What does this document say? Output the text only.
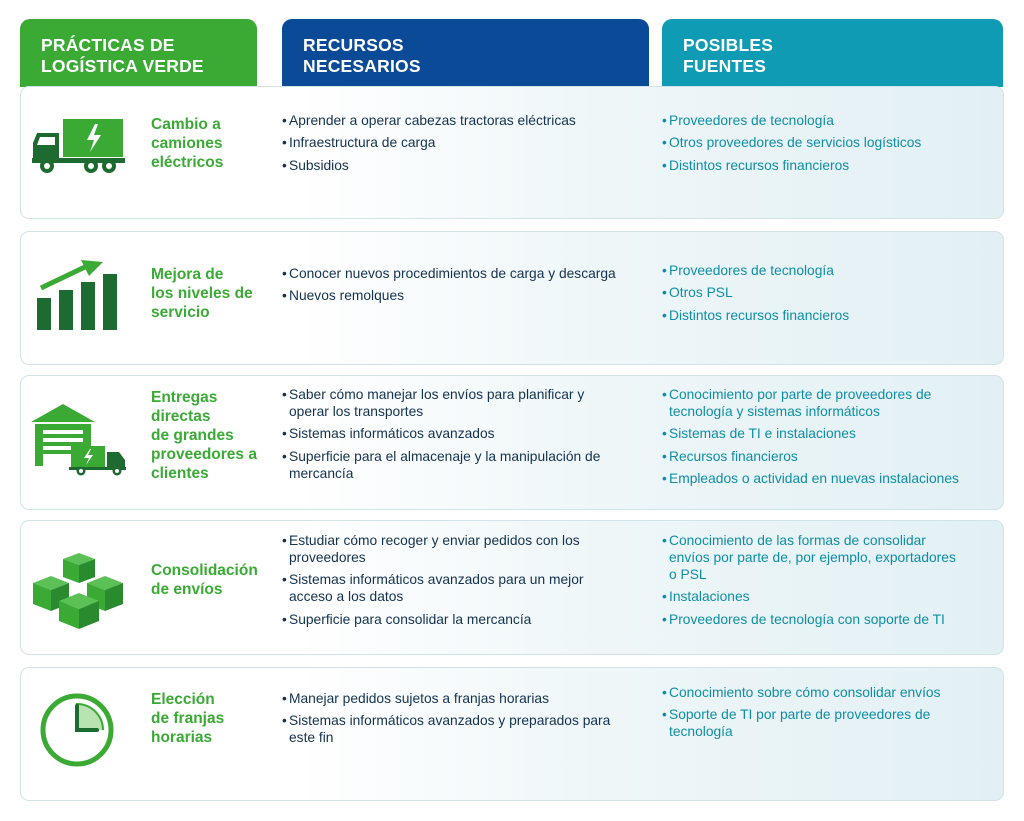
PRÁCTICAS DE
LOGÍSTICA VERDE
RECURSOS
NECESARIOS
POSIBLES
FUENTES
Cambio a
camiones
eléctricos
• Aprender a operar cabezas tractoras eléctricas
• Infraestructura de carga
• Subsidios
• Proveedores de tecnología
• Otros proveedores de servicios logísticos
• Distintos recursos financieros
Mejora de
los niveles de
servicio
• Conocer nuevos procedimientos de carga y descarga
• Nuevos remolques
• Proveedores de tecnología
• Otros PSL
• Distintos recursos financieros
Entregas
directas
de grandes
proveedores a
clientes
• Saber cómo manejar los envíos para planificar y operar los transportes
• Sistemas informáticos avanzados
• Superficie para el almacenaje y la manipulación de mercancía
• Conocimiento por parte de proveedores de tecnología y sistemas informáticos
• Sistemas de TI e instalaciones
• Recursos financieros
• Empleados o actividad en nuevas instalaciones
Consolidación
de envíos
• Estudiar cómo recoger y enviar pedidos con los proveedores
• Sistemas informáticos avanzados para un mejor acceso a los datos
• Superficie para consolidar la mercancía
• Conocimiento de las formas de consolidar envíos por parte de, por ejemplo, exportadores o PSL
• Instalaciones
• Proveedores de tecnología con soporte de TI
Elección
de franjas
horarias
• Manejar pedidos sujetos a franjas horarias
• Sistemas informáticos avanzados y preparados para este fin
• Conocimiento sobre cómo consolidar envíos
• Soporte de TI por parte de proveedores de tecnología
